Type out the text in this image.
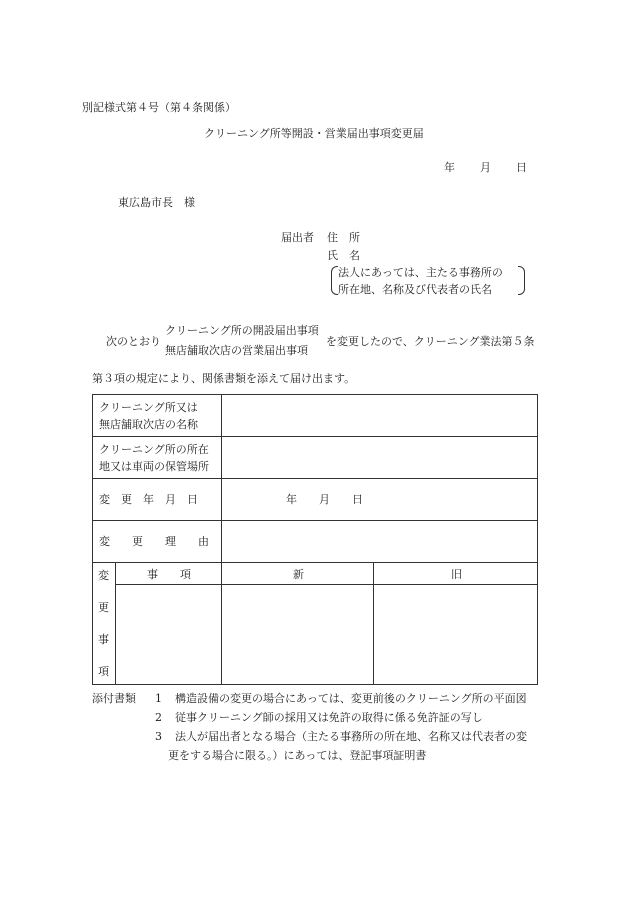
別記様式第４号（第４条関係）
クリーニング所等開設・営業届出事項変更届
年 月 日
東広島市長　様
届出者 住　所
氏　名
法人にあっては、主たる事務所の
所在地、名称及び代表者の氏名
次のとおり
クリーニング所の開設届出事項
無店舗取次店の営業届出事項
を変更したので、クリーニング業法第５条
第３項の規定により、関係書類を添えて届け出ます。
クリーニング所又は
無店舗取次店の名称
クリーニング所の所在
地又は車両の保管場所
変　更　年　月　日	年　　月　　日
変　　更　　理　　由
変
更
事
項
事　　項	新	旧
添付書類 1 構造設備の変更の場合にあっては、変更前後のクリーニング所の平面図
2 従事クリーニング師の採用又は免許の取得に係る免許証の写し
3 法人が届出者となる場合（主たる事務所の所在地、名称又は代表者の変
更をする場合に限る。）にあっては、登記事項証明書
